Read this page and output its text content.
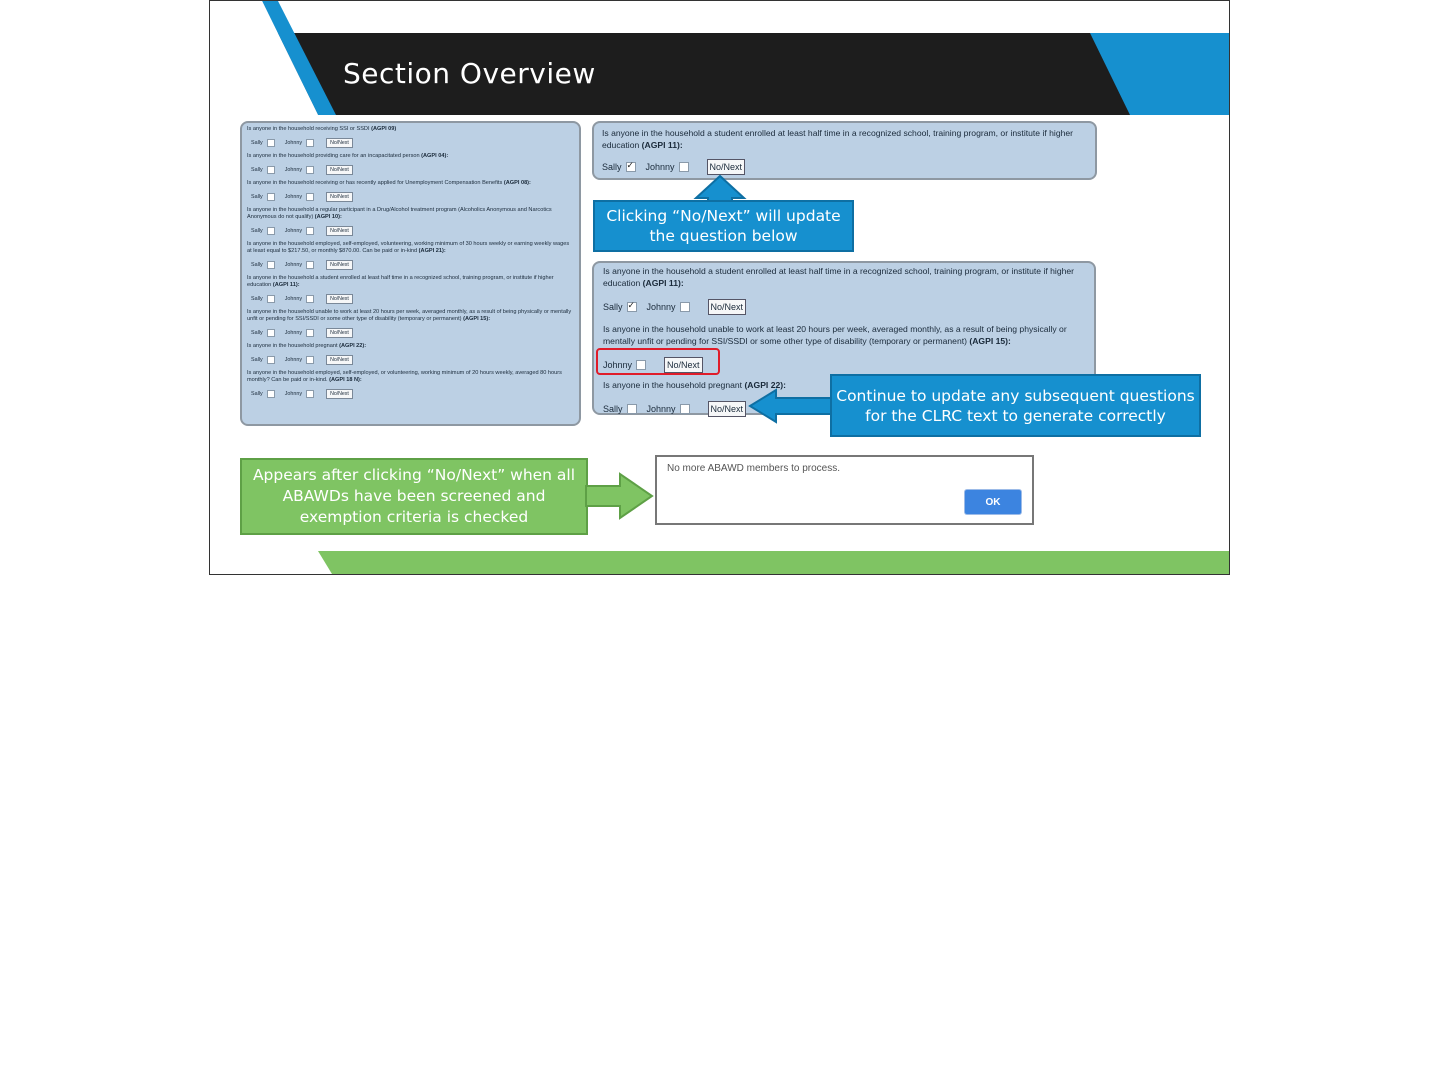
Section Overview
Is anyone in the household receiving SSI or SSDI (AGPI 09)
Sally	Johnny	No/Next
Is anyone in the household providing care for an incapacitated person (AGPI 04):
Sally	Johnny	No/Next
Is anyone in the household receiving or has recently applied for Unemployment Compensation Benefits (AGPI 08):
Sally	Johnny	No/Next
Is anyone in the household a regular participant in a Drug/Alcohol treatment program (Alcoholics Anonymous and Narcotics Anonymous do not qualify) (AGPI 10):
Sally	Johnny	No/Next
Is anyone in the household employed, self-employed, volunteering, working minimum of 30 hours weekly or earning weekly wages at least equal to $217.50, or monthly $870.00. Can be paid or in-kind (AGPI 21):
Sally	Johnny	No/Next
Is anyone in the household a student enrolled at least half time in a recognized school, training program, or institute if higher education (AGPI 11):
Sally	Johnny	No/Next
Is anyone in the household unable to work at least 20 hours per week, averaged monthly, as a result of being physically or mentally unfit or pending for SSI/SSDI or some other type of disability (temporary or permanent) (AGPI 15):
Sally	Johnny	No/Next
Is anyone in the household pregnant (AGPI 22):
Sally	Johnny	No/Next
Is anyone in the household employed, self-employed, or volunteering, working minimum of 20 hours weekly, averaged 80 hours monthly? Can be paid or in-kind. (AGPI 18 N):
Sally	Johnny	No/Next
Is anyone in the household a student enrolled at least half time in a recognized school, training program, or institute if higher education (AGPI 11):
Sally ✓	Johnny	No/Next
Clicking “No/Next” will update
the question below
Is anyone in the household a student enrolled at least half time in a recognized school, training program, or institute if higher education (AGPI 11):
Sally ✓	Johnny	No/Next
Is anyone in the household unable to work at least 20 hours per week, averaged monthly, as a result of being physically or mentally unfit or pending for SSI/SSDI or some other type of disability (temporary or permanent) (AGPI 15):
Johnny	No/Next
Is anyone in the household pregnant (AGPI 22):
Sally	Johnny	No/Next
Continue to update any subsequent questions
for the CLRC text to generate correctly
Appears after clicking “No/Next” when all
ABAWDs have been screened and
exemption criteria is checked
No more ABAWD members to process.
OK
